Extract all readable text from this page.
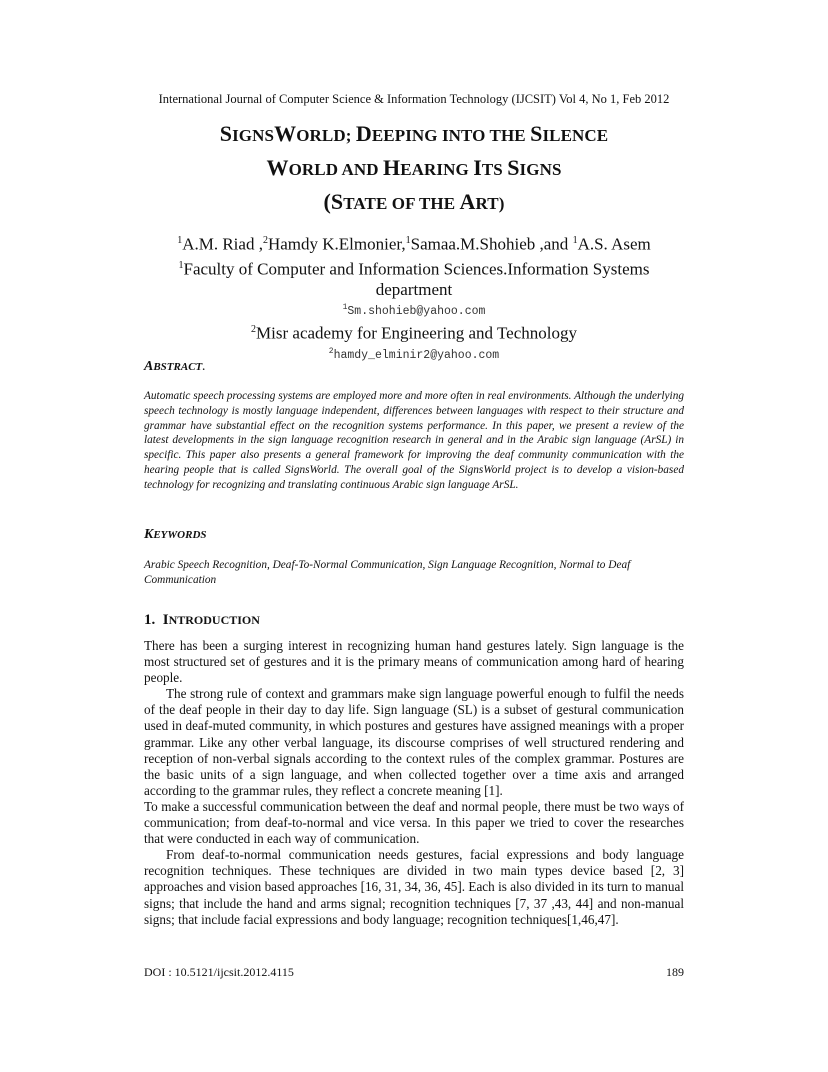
International Journal of Computer Science & Information Technology (IJCSIT) Vol 4, No 1, Feb 2012
SIGNSWORLD; DEEPING INTO THE SILENCE
WORLD AND HEARING ITS SIGNS
(STATE OF THE ART)
$^1$A.M. Riad ,$^2$Hamdy K.Elmonier,$^1$Samaa.M.Shohieb ,and $^1$A.S. Asem
$^1$Faculty of Computer and Information Sciences.Information Systems
department
$^1$Sm.shohieb@yahoo.com
$^2$Misr academy for Engineering and Technology
$^2$hamdy_elminir2@yahoo.com
ABSTRACT.
Automatic speech processing systems are employed more and more often in real environments. Although the underlying speech technology is mostly language independent, differences between languages with respect to their structure and grammar have substantial effect on the recognition systems performance. In this paper, we present a review of the latest developments in the sign language recognition research in general and in the Arabic sign language (ArSL) in specific. This paper also presents a general framework for improving the deaf community communication with the hearing people that is called SignsWorld. The overall goal of the SignsWorld project is to develop a vision-based technology for recognizing and translating continuous Arabic sign language ArSL.
KEYWORDS
Arabic Speech Recognition, Deaf-To-Normal Communication, Sign Language Recognition, Normal to Deaf Communication
1. INTRODUCTION

There has been a surging interest in recognizing human hand gestures lately. Sign language is the most structured set of gestures and it is the primary means of communication among hard of hearing people.

The strong rule of context and grammars make sign language powerful enough to fulfil the needs of the deaf people in their day to day life. Sign language (SL) is a subset of gestural communication used in deaf-muted community, in which postures and gestures have assigned meanings with a proper grammar. Like any other verbal language, its discourse comprises of well structured rendering and reception of non-verbal signals according to the context rules of the complex grammar. Postures are the basic units of a sign language, and when collected together over a time axis and arranged according to the grammar rules, they reflect a concrete meaning [1].

To make a successful communication between the deaf and normal people, there must be two ways of communication; from deaf-to-normal and vice versa. In this paper we tried to cover the researches that were conducted in each way of communication.

From deaf-to-normal communication needs gestures, facial expressions and body language recognition techniques. These techniques are divided in two main types device based [2, 3] approaches and vision based approaches [16, 31, 34, 36, 45]. Each is also divided in its turn to manual signs; that include the hand and arms signal; recognition techniques [7, 37 ,43, 44] and non-manual signs; that include facial expressions and body language; recognition techniques[1,46,47].

DOI : 10.5121/ijcsit.2012.4115	189
